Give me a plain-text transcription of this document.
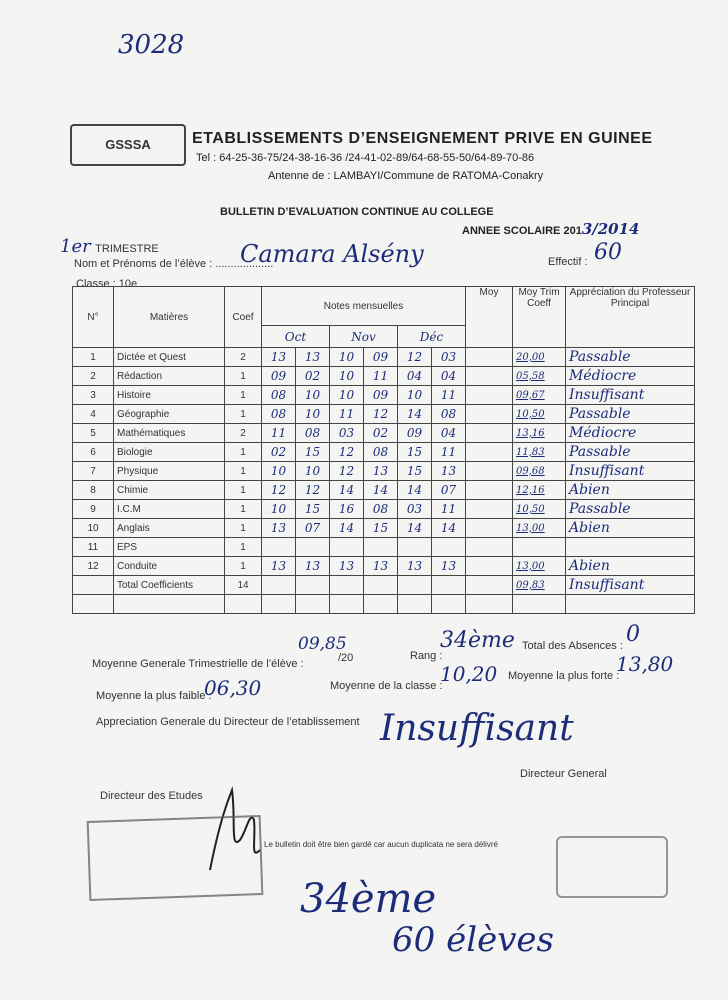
3028
GSSSA	ETABLISSEMENTS D’ENSEIGNEMENT PRIVE EN GUINEE
Tel : 64-25-36-75/24-38-16-36 /24-41-02-89/64-68-55-50/64-89-70-86
Antenne de : LAMBAYI/Commune de RATOMA-Conakry
BULLETIN D’EVALUATION CONTINUE AU COLLEGE
ANNEE SCOLAIRE 2013/2014
1er TRIMESTRE
Nom et Prénoms de l’élève : ...................
Camara Alsény	Effectif : 60
Classe : 10e
N°	Matières	Coef	Notes mensuelles						Moy	Moy Trim Coeff	Appréciation du Professeur Principal
			Oct		Nov		Déc				
1	Dictée et Quest	2	13	13	10	09	12	03		20,00	Passable
2	Rédaction	1	09	02	10	11	04	04		05,58	Médiocre
3	Histoire	1	08	10	10	09	10	11		09,67	Insuffisant
4	Géographie	1	08	10	11	12	14	08		10,50	Passable
5	Mathématiques	2	11	08	03	02	09	04		13,16	Médiocre
6	Biologie	1	02	15	12	08	15	11		11,83	Passable
7	Physique	1	10	10	12	13	15	13		09,68	Insuffisant
8	Chimie	1	12	12	14	14	14	07		12,16	Abien
9	I.C.M	1	10	15	16	08	03	11		10,50	Passable
10	Anglais	1	13	07	14	15	14	14		13,00	Abien
11	EPS	1									
12	Conduite	1	13	13	13	13	13	13		13,00	Abien
	Total Coefficients	14								09,83	Insuffisant

Moyenne Generale Trimestrielle de l’élève :
09,85
/20	Rang :
34ème Total des Absences : 0
Moyenne la plus faible :
06,30	Moyenne de la classe :
10,20 Moyenne la plus forte :
13,80
Appreciation Generale du Directeur de l’etablissement Insuffisant
Directeur General
Directeur des Etudes
Le bulletin doit être bien gardé car aucun duplicata ne sera délivré
34ème
60 élèves
